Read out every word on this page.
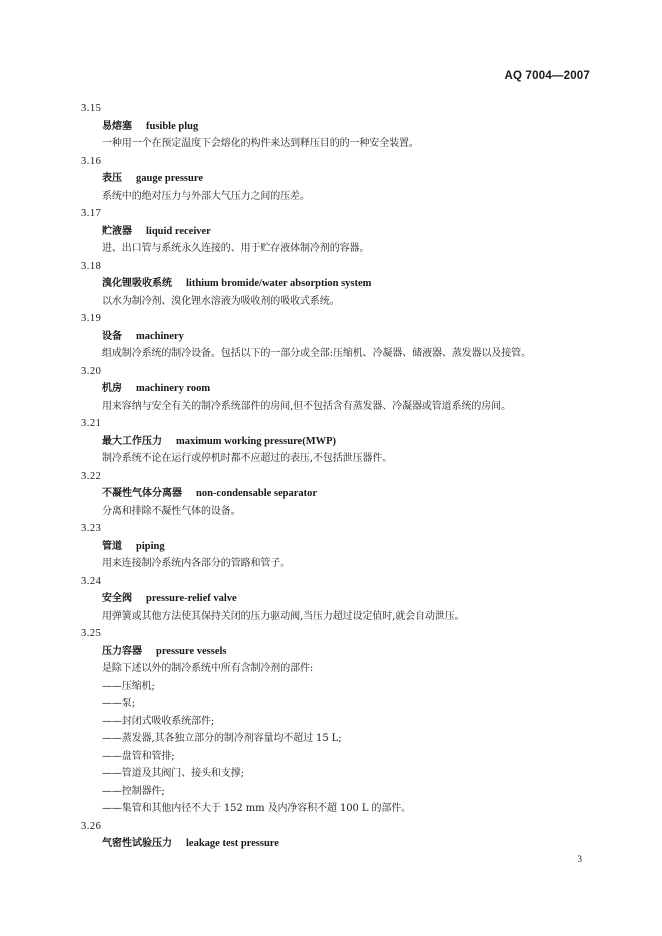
AQ 7004—2007
3.15
易熔塞 fusible plug
一种用一个在预定温度下会熔化的构件来达到释压目的的一种安全装置。
3.16
表压 gauge pressure
系统中的绝对压力与外部大气压力之间的压差。
3.17
贮液器 liquid receiver
进、出口管与系统永久连接的、用于贮存液体制冷剂的容器。
3.18
溴化锂吸收系统 lithium bromide/water absorption system
以水为制冷剂、溴化锂水溶液为吸收剂的吸收式系统。
3.19
设备 machinery
组成制冷系统的制冷设备。包括以下的一部分或全部:压缩机、冷凝器、储液器、蒸发器以及接管。
3.20
机房 machinery room
用来容纳与安全有关的制冷系统部件的房间,但不包括含有蒸发器、冷凝器或管道系统的房间。
3.21
最大工作压力 maximum working pressure(MWP)
制冷系统不论在运行或停机时都不应超过的表压,不包括泄压器件。
3.22
不凝性气体分离器 non-condensable separator
分离和排除不凝性气体的设备。
3.23
管道 piping
用来连接制冷系统内各部分的管路和管子。
3.24
安全阀 pressure-relief valve
用弹簧或其他方法使其保持关闭的压力驱动阀,当压力超过设定值时,就会自动泄压。
3.25
压力容器 pressure vessels
是除下述以外的制冷系统中所有含制冷剂的部件:
——压缩机;
——泵;
——封闭式吸收系统部件;
——蒸发器,其各独立部分的制冷剂容量均不超过 15 L;
——盘管和管排;
——管道及其阀门、接头和支撑;
——控制器件;
——集管和其他内径不大于 152 mm 及内净容积不超 100 L 的部件。
3.26
气密性试验压力 leakage test pressure
3
